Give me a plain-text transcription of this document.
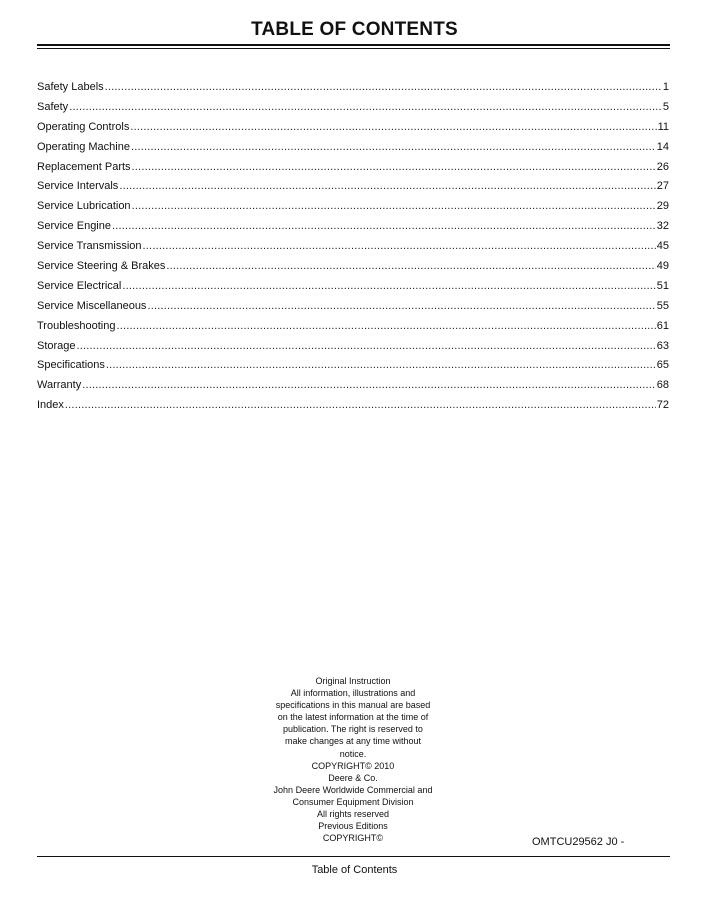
TABLE OF CONTENTS
Safety Labels .....	1
Safety .....	5
Operating Controls .....	11
Operating Machine .....	14
Replacement Parts .....	26
Service Intervals .....	27
Service Lubrication .....	29
Service Engine .....	32
Service Transmission .....	45
Service Steering & Brakes .....	49
Service Electrical .....	51
Service Miscellaneous .....	55
Troubleshooting .....	61
Storage .....	63
Specifications .....	65
Warranty .....	68
Index .....	72
Original Instruction
All information, illustrations and
specifications in this manual are based
on the latest information at the time of
publication. The right is reserved to
make changes at any time without
notice.
COPYRIGHT© 2010
Deere & Co.
John Deere Worldwide Commercial and
Consumer Equipment Division
All rights reserved
Previous Editions
COPYRIGHT©	OMTCU29562 J0 -
Table of Contents
